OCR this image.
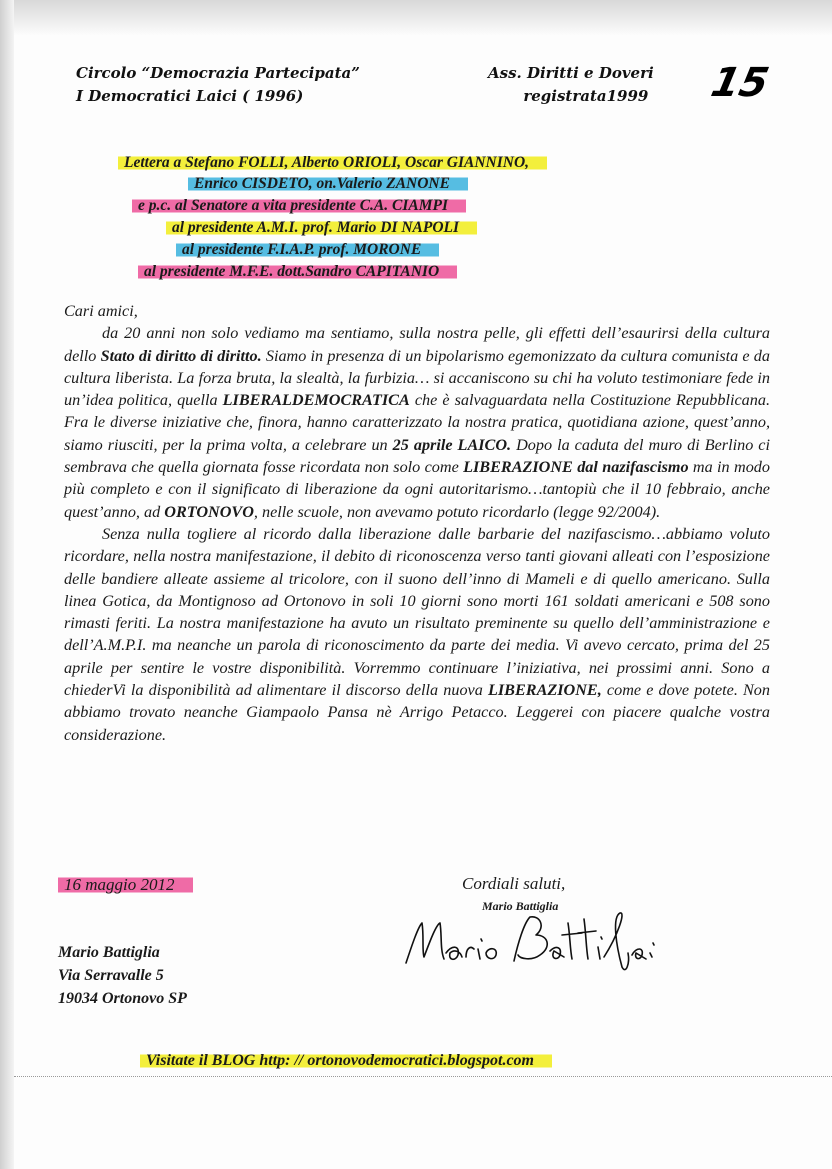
Circolo “Democrazia Partecipata”
I Democratici Laici ( 1996)
Ass. Diritti e Doveri

registrata1999 15
Lettera a Stefano FOLLI, Alberto ORIOLI, Oscar GIANNINO,
Enrico CISDETO, on.Valerio ZANONE
e p.c. al Senatore a vita presidente C.A. CIAMPI
al presidente A.M.I. prof. Mario DI NAPOLI
al presidente F.I.A.P. prof. MORONE
al presidente M.F.E. dott.Sandro CAPITANIO

Cari amici,

da 20 anni non solo vediamo ma sentiamo, sulla nostra pelle, gli effetti dell’esaurirsi della cultura dello Stato di diritto di diritto. Siamo in presenza di un bipolarismo egemonizzato da cultura comunista e da cultura liberista. La forza bruta, la slealtà, la furbizia… si accaniscono su chi ha voluto testimoniare fede in un’idea politica, quella LIBERALDEMOCRATICA che è salvaguardata nella Costituzione Repubblicana. Fra le diverse iniziative che, finora, hanno caratterizzato la nostra pratica, quotidiana azione, quest’anno, siamo riusciti, per la prima volta, a celebrare un 25 aprile LAICO. Dopo la caduta del muro di Berlino ci sembrava che quella giornata fosse ricordata non solo come LIBERAZIONE dal nazifascismo ma in modo più completo e con il significato di liberazione da ogni autoritarismo…tantopiù che il 10 febbraio, anche quest’anno, ad ORTONOVO, nelle scuole, non avevamo potuto ricordarlo (legge 92/2004).

Senza nulla togliere al ricordo dalla liberazione dalle barbarie del nazifascismo…abbiamo voluto ricordare, nella nostra manifestazione, il debito di riconoscenza verso tanti giovani alleati con l’esposizione delle bandiere alleate assieme al tricolore, con il suono dell’inno di Mameli e di quello americano. Sulla linea Gotica, da Montignoso ad Ortonovo in soli 10 giorni sono morti 161 soldati americani e 508 sono rimasti feriti. La nostra manifestazione ha avuto un risultato preminente su quello dell’amministrazione e dell’A.M.P.I. ma neanche un parola di riconoscimento da parte dei media. Vi avevo cercato, prima del 25 aprile per sentire le vostre disponibilità. Vorremmo continuare l’iniziativa, nei prossimi anni. Sono a chiederVi la disponibilità ad alimentare il discorso della nuova LIBERAZIONE, come e dove potete. Non abbiamo trovato neanche Giampaolo Pansa nè Arrigo Petacco. Leggerei con piacere qualche vostra considerazione.

16 maggio 2012	Cordiali saluti,
Mario Battiglia
Mario Battiglia
Via Serravalle 5
19034 Ortonovo SP
Visitate il BLOG http: // ortonovodemocratici.blogspot.com
